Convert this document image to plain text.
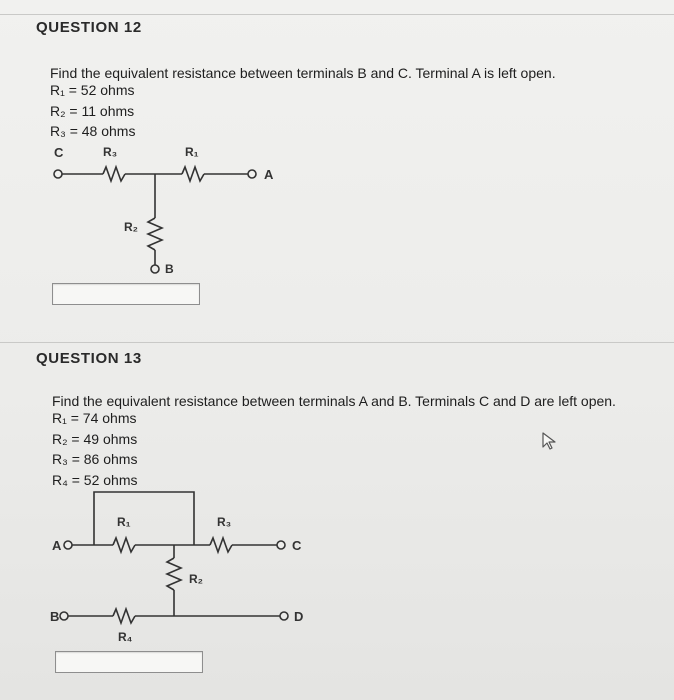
QUESTION 12
Find the equivalent resistance between terminals B and C. Terminal A is left open.
R₁ = 52 ohms
R₂ = 11 ohms
R₃ = 48 ohms
C
A
B
R₃	R₁
R₂
QUESTION 13
Find the equivalent resistance between terminals A and B. Terminals C and D are left open.
R₁ = 74 ohms
R₂ = 49 ohms
R₃ = 86 ohms
R₄ = 52 ohms
A	C
B	D
R₁	R₃
R₂
R₄
